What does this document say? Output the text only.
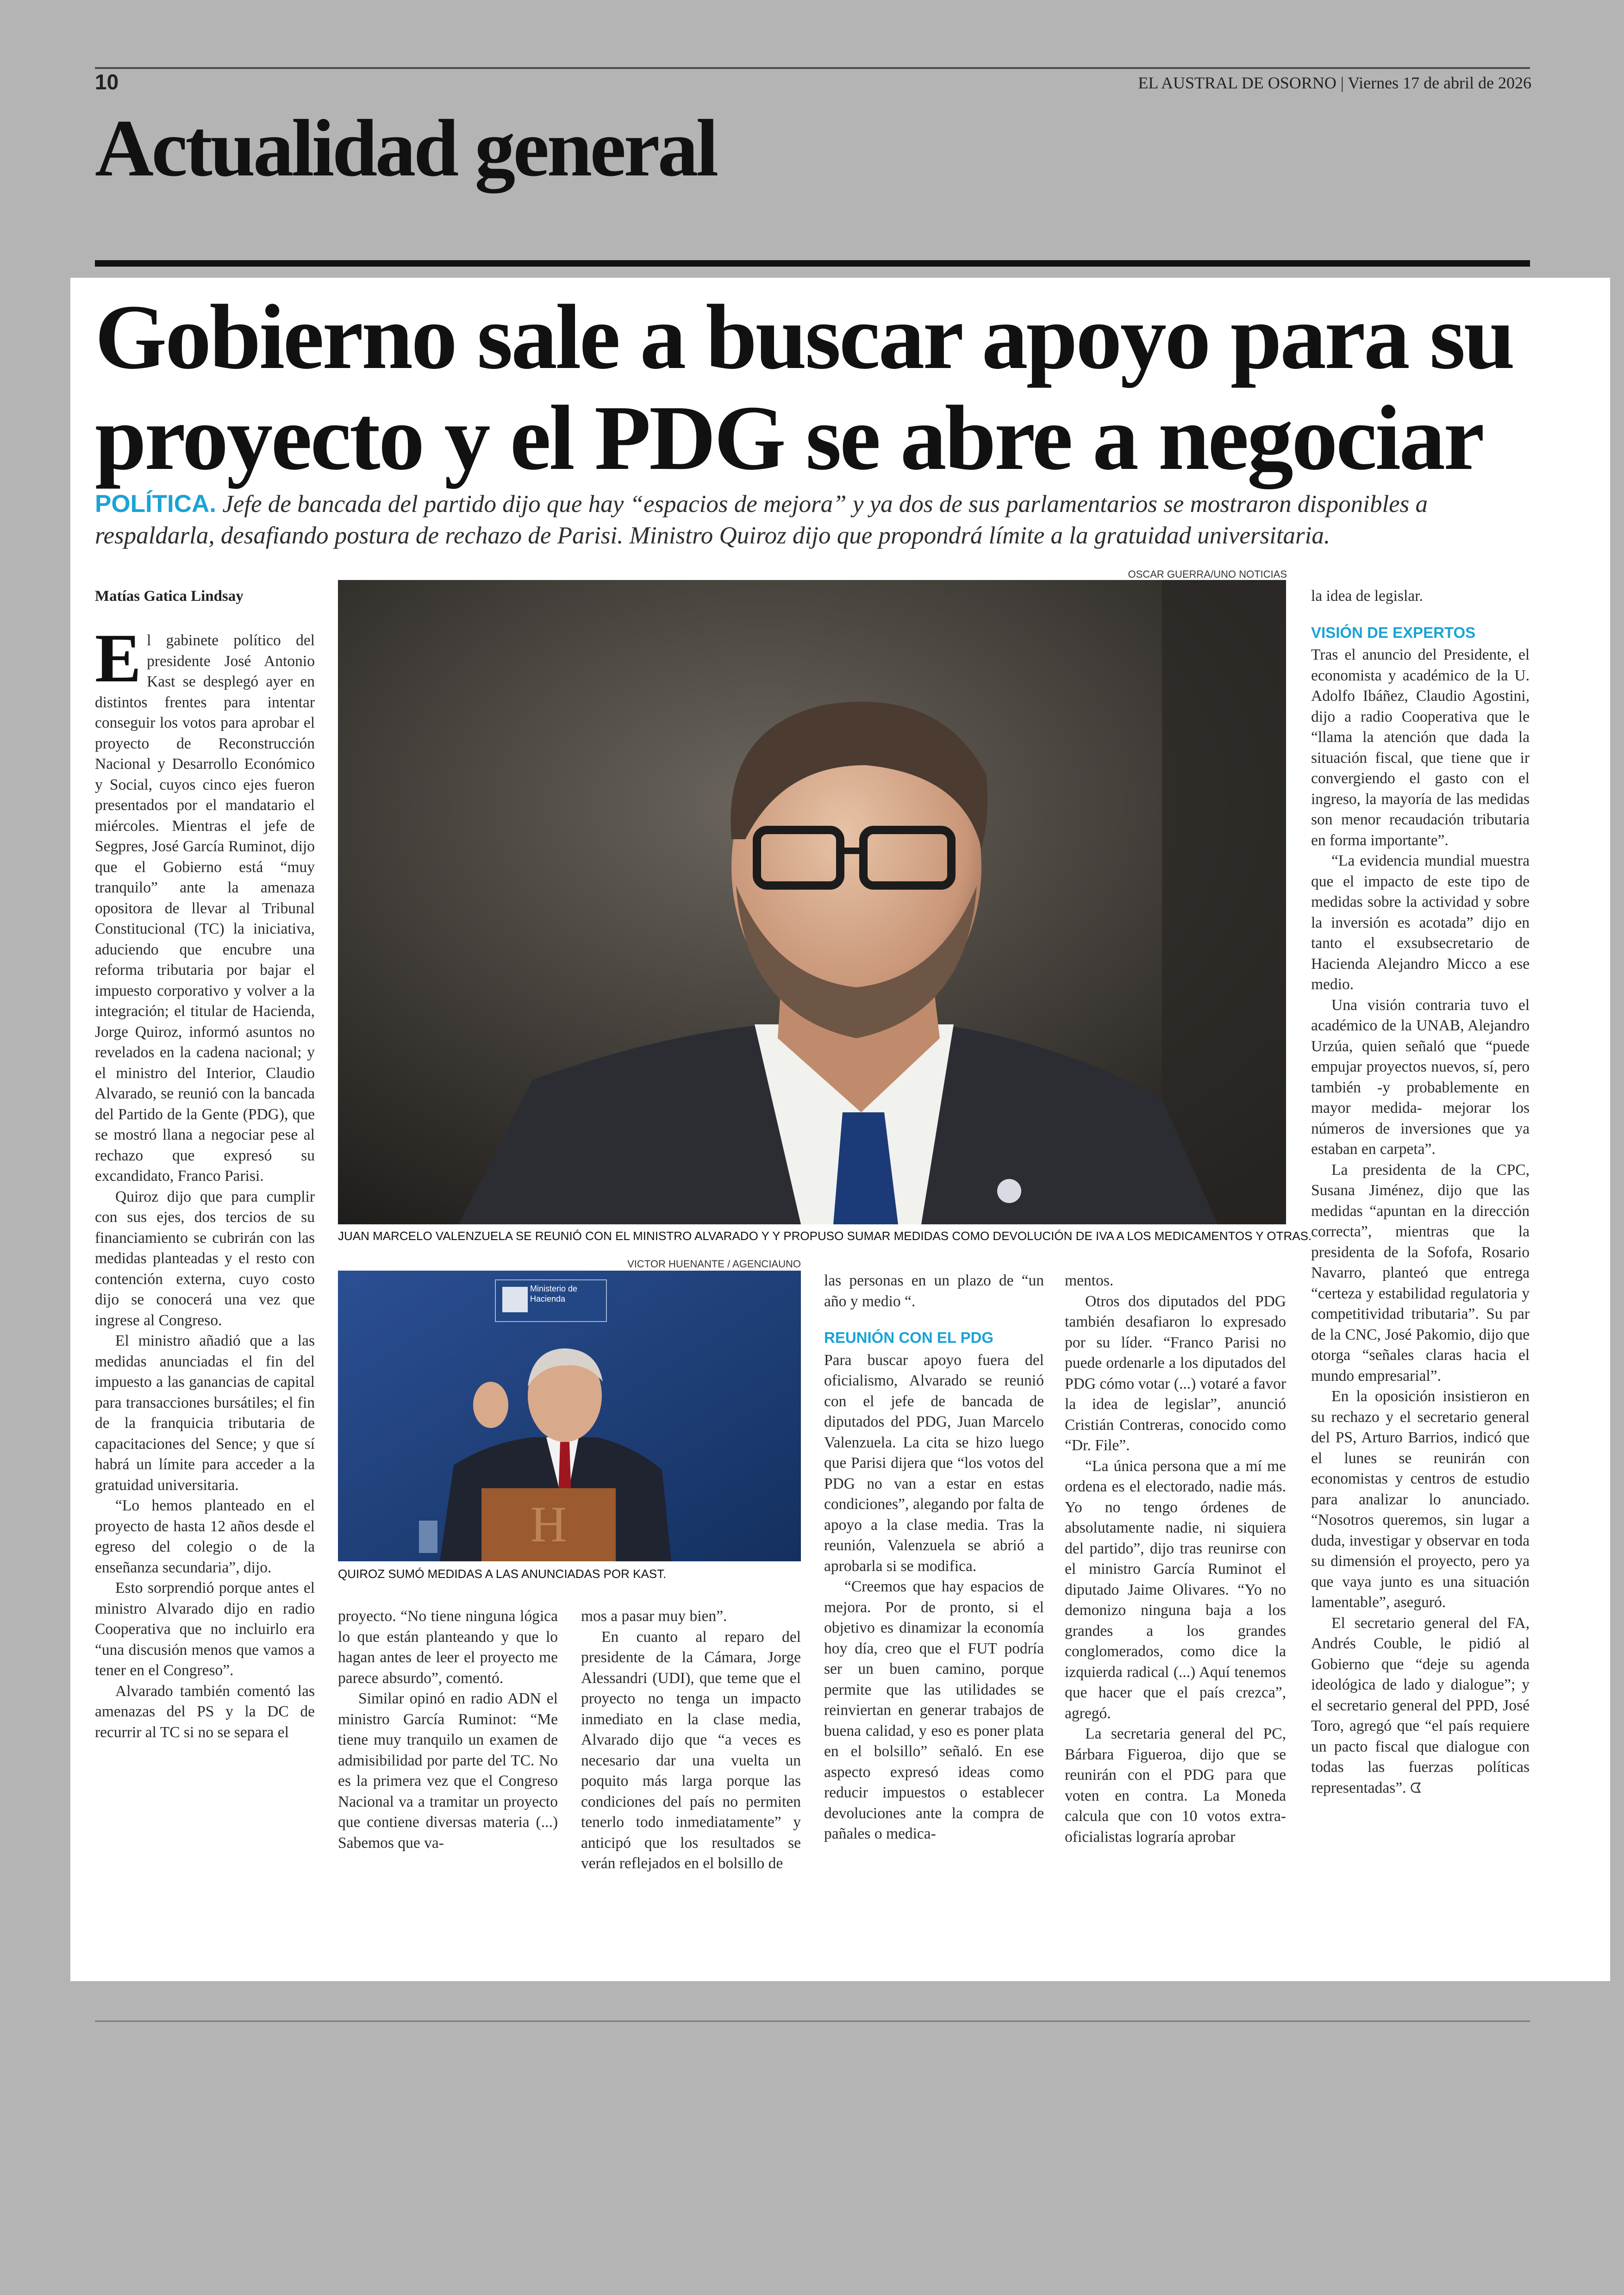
10	EL AUSTRAL DE OSORNO | Viernes 17 de abril de 2026
Actualidad general
Gobierno sale a buscar apoyo para su
proyecto y el PDG se abre a negociar
POLÍTICA. Jefe de bancada del partido dijo que hay “espacios de mejora” y ya dos de sus parlamentarios se mostraron disponibles a respaldarla, desafiando postura de rechazo de Parisi. Ministro Quiroz dijo que propondrá límite a la gratuidad universitaria.
Matías Gatica Lindsay
OSCAR GUERRA/UNO NOTICIAS
JUAN MARCELO VALENZUELA SE REUNIÓ CON EL MINISTRO ALVARADO Y Y PROPUSO SUMAR MEDIDAS COMO DEVOLUCIÓN DE IVA A LOS MEDICAMENTOS Y OTRAS.
VICTOR HUENANTE / AGENCIAUNO
H
Ministerio de Hacienda
QUIROZ SUMÓ MEDIDAS A LAS ANUNCIADAS POR KAST.
E l gabinete político del presidente José Antonio Kast se desplegó ayer en distintos frentes para intentar conseguir los votos para aprobar el proyecto de Reconstrucción Nacional y Desarrollo Económico y Social, cuyos cinco ejes fueron presentados por el mandatario el miércoles. Mientras el jefe de Segpres, José García Ruminot, dijo que el Gobierno está “muy tranquilo” ante la amenaza opositora de llevar al Tribunal Constitucional (TC) la iniciativa, aduciendo que encubre una reforma tributaria por bajar el impuesto corporativo y volver a la integración; el titular de Hacienda, Jorge Quiroz, informó asuntos no revelados en la cadena nacional; y el ministro del Interior, Claudio Alvarado, se reunió con la bancada del Partido de la Gente (PDG), que se mostró llana a negociar pese al rechazo que expresó su excandidato, Franco Parisi.

Quiroz dijo que para cumplir con sus ejes, dos tercios de su financiamiento se cubrirán con las medidas planteadas y el resto con contención externa, cuyo costo dijo se conocerá una vez que ingrese al Congreso.

El ministro añadió que a las medidas anunciadas el fin del impuesto a las ganancias de capital para transacciones bursátiles; el fin de la franquicia tributaria de capacitaciones del Sence; y que sí habrá un límite para acceder a la gratuidad universitaria.

“Lo hemos planteado en el proyecto de hasta 12 años desde el egreso del colegio o de la enseñanza secundaria”, dijo.

Esto sorprendió porque antes el ministro Alvarado dijo en radio Cooperativa que no incluirlo era “una discusión menos que vamos a tener en el Congreso”.

Alvarado también comentó las amenazas del PS y la DC de recurrir al TC si no se separa el

proyecto. “No tiene ninguna lógica lo que están planteando y que lo hagan antes de leer el proyecto me parece absurdo”, comentó.

Similar opinó en radio ADN el ministro García Ruminot: “Me tiene muy tranquilo un examen de admisibilidad por parte del TC. No es la primera vez que el Congreso Nacional va a tramitar un proyecto que contiene diversas materia (...) Sabemos que va-

mos a pasar muy bien”.

En cuanto al reparo del presidente de la Cámara, Jorge Alessandri (UDI), que teme que el proyecto no tenga un impacto inmediato en la clase media, Alvarado dijo que “a veces es necesario dar una vuelta un poquito más larga porque las condiciones del país no permiten tenerlo todo inmediatamente” y anticipó que los resultados se verán reflejados en el bolsillo de

las personas en un plazo de “un año y medio “.

REUNIÓN CON EL PDG

Para buscar apoyo fuera del oficialismo, Alvarado se reunió con el jefe de bancada de diputados del PDG, Juan Marcelo Valenzuela. La cita se hizo luego que Parisi dijera que “los votos del PDG no van a estar en estas condiciones”, alegando por falta de apoyo a la clase media. Tras la reunión, Valenzuela se abrió a aprobarla si se modifica.

“Creemos que hay espacios de mejora. Por de pronto, si el objetivo es dinamizar la economía hoy día, creo que el FUT podría ser un buen camino, porque permite que las utilidades se reinviertan en generar trabajos de buena calidad, y eso es poner plata en el bolsillo” señaló. En ese aspecto expresó ideas como reducir impuestos o establecer devoluciones ante la compra de pañales o medica-

mentos.

Otros dos diputados del PDG también desafiaron lo expresado por su líder. “Franco Parisi no puede ordenarle a los diputados del PDG cómo votar (...) votaré a favor la idea de legislar”, anunció Cristián Contreras, conocido como “Dr. File”.

“La única persona que a mí me ordena es el electorado, nadie más. Yo no tengo órdenes de absolutamente nadie, ni siquiera del partido”, dijo tras reunirse con el ministro García Ruminot el diputado Jaime Olivares. “Yo no demonizo ninguna baja a los grandes a los grandes conglomerados, como dice la izquierda radical (...) Aquí tenemos que hacer que el país crezca”, agregó.

La secretaria general del PC, Bárbara Figueroa, dijo que se reunirán con el PDG para que voten en contra. La Moneda calcula que con 10 votos extra-oficialistas lograría aprobar

la idea de legislar.

VISIÓN DE EXPERTOS

Tras el anuncio del Presidente, el economista y académico de la U. Adolfo Ibáñez, Claudio Agostini, dijo a radio Cooperativa que le “llama la atención que dada la situación fiscal, que tiene que ir convergiendo el gasto con el ingreso, la mayoría de las medidas son menor recaudación tributaria en forma importante”.

“La evidencia mundial muestra que el impacto de este tipo de medidas sobre la actividad y sobre la inversión es acotada” dijo en tanto el exsubsecretario de Hacienda Alejandro Micco a ese medio.

Una visión contraria tuvo el académico de la UNAB, Alejandro Urzúa, quien señaló que “puede empujar proyectos nuevos, sí, pero también -y probablemente en mayor medida- mejorar los números de inversiones que ya estaban en carpeta”.

La presidenta de la CPC, Susana Jiménez, dijo que las medidas “apuntan en la dirección correcta”, mientras que la presidenta de la Sofofa, Rosario Navarro, planteó que entrega “certeza y estabilidad regulatoria y competitividad tributaria”. Su par de la CNC, José Pakomio, dijo que otorga “señales claras hacia el mundo empresarial”.

En la oposición insistieron en su rechazo y el secretario general del PS, Arturo Barrios, indicó que el lunes se reunirán con economistas y centros de estudio para analizar lo anunciado. “Nosotros queremos, sin lugar a duda, investigar y observar en toda su dimensión el proyecto, pero ya que vaya junto es una situación lamentable”, aseguró.

El secretario general del FA, Andrés Couble, le pidió al Gobierno que “deje su agenda ideológica de lado y dialogue”; y el secretario general del PPD, José Toro, agregó que “el país requiere un pacto fiscal que dialogue con todas las fuerzas políticas representadas”. ᗧ
